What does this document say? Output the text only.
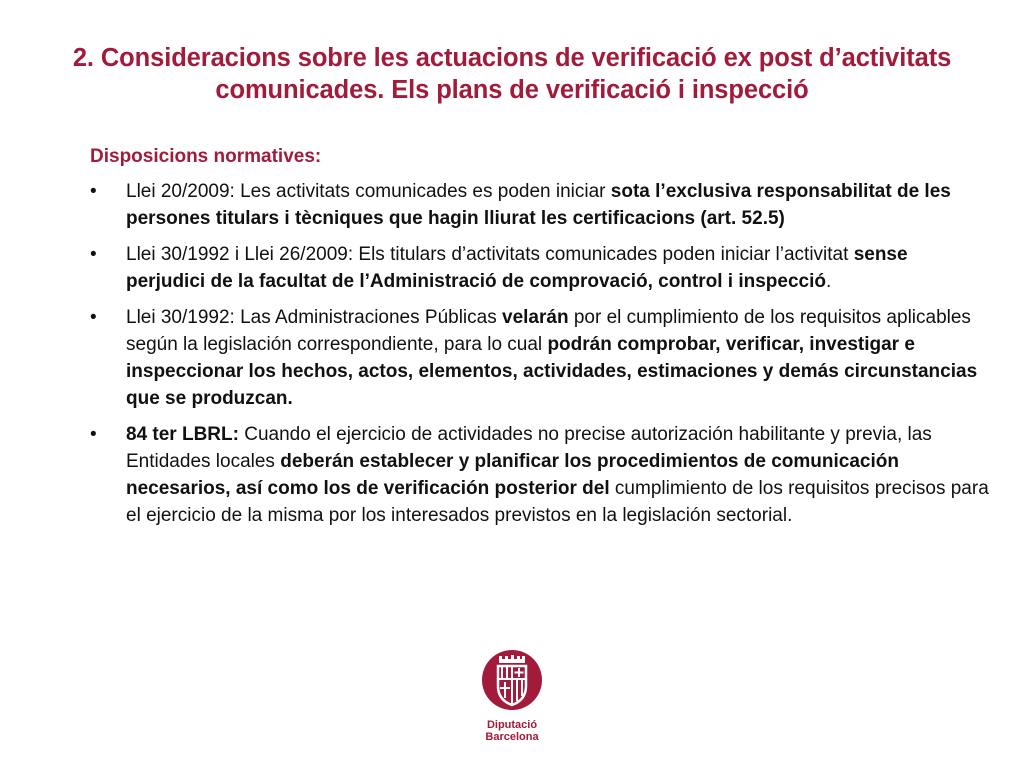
2. Consideracions sobre les actuacions de verificació ex post d’activitats comunicades. Els plans de verificació i inspecció
Disposicions normatives:
• Llei 20/2009: Les activitats comunicades es poden iniciar sota l’exclusiva responsabilitat de les persones titulars i tècniques que hagin lliurat les certificacions (art. 52.5)
• Llei 30/1992 i Llei 26/2009: Els titulars d’activitats comunicades poden iniciar l’activitat sense perjudici de la facultat de l’Administració de comprovació, control i inspecció.
• Llei 30/1992: Las Administraciones Públicas velarán por el cumplimiento de los requisitos aplicables según la legislación correspondiente, para lo cual podrán comprobar, verificar, investigar e inspeccionar los hechos, actos, elementos, actividades, estimaciones y demás circunstancias que se produzcan.
• 84 ter LBRL: Cuando el ejercicio de actividades no precise autorización habilitante y previa, las Entidades locales deberán establecer y planificar los procedimientos de comunicación necesarios, así como los de verificación posterior del cumplimiento de los requisitos precisos para el ejercicio de la misma por los interesados previstos en la legislación sectorial.
Diputació
Barcelona
